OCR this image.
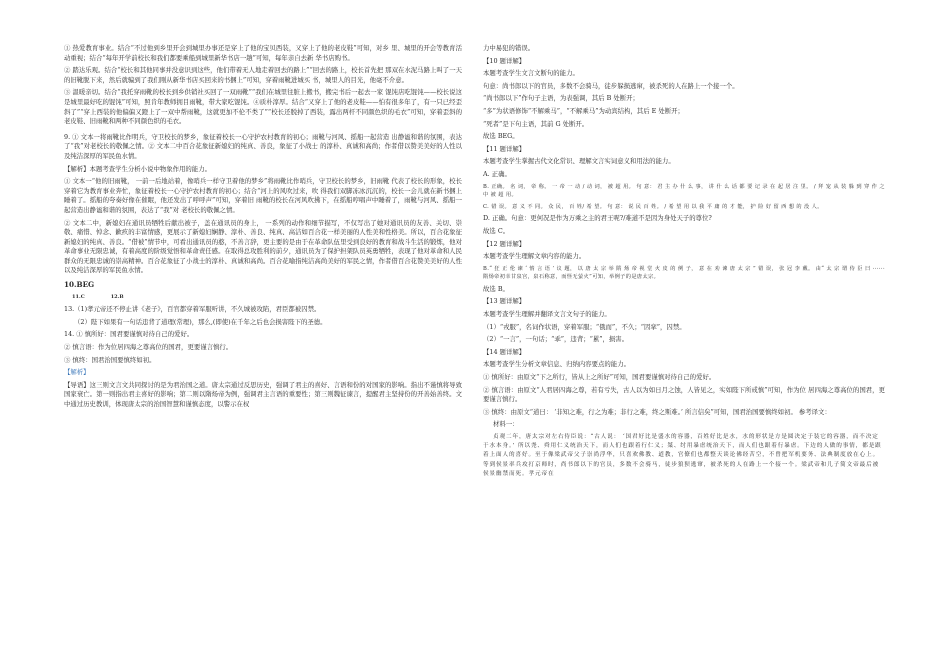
① 热爱教育事业。结合“不过他到乡里开会到城里办事还是穿上了他的宝贝西装，又穿上了他的老皮鞋”可知，对乡 里、城里的开会等教育活动重视；结合“每年开学前校长和我们都要乘船到城里新华书店一趟”可知，每年亲自去新 华书店购书。

② 踏达乐观。结合“校长和其他同事并没意识到这些，他们带着无人地走着回去的路上”“回去的路上，校长首先把 那双在水泥马路上叫了一天的旧靴脱下来，然后就骗到了我们刚从新华书店买回来的书捆上”可知，穿着雨靴进城买 书，城里人的目光，他毫不介意。

③ 温暖亲切。结合“我托穿雨靴的校长到乡供销社买回了一双雨靴”“我们在城里往脏上搬书，搬完书后一起去一家 馄饨店吃馄饨——校长说这是城里最好吃的馄饨”可知，照肯年教师拥目雨靴，带大家吃馄饨。④质朴淳厚。结合“又穿上了他的老皮鞋——怕有很多年了，有一只已经歪斜了”“穿上西装的他偏偏又蹬上了一双中帮雨靴，这就更加不伦不类了”“校长还脱掉了西装，露出两杆不同颜色织的毛衣”可知，穿着歪斜的老皮鞋、旧雨靴和两种不同颜色织的毛衣。

9. ① 文本一将雨靴比作明兵，守卫校长的梦乡，象征着校长一心守护农村教育的初心；雨靴与河风、摇船一起营造 出静谧和谐的氛围，表达了“我”对老校长的敬佩之情。② 文本二中百合花象征新媳妇的纯真、善良，象征了小战士 的淳朴、真诚和高尚；作者借以赞美美好的人性以及纯洁深厚的军民鱼水情。

【解析】本题考查学生分析小说中物象作用的能力。

① 文本一“他的旧雨靴， 一前一后地站着，像哨兵一样守卫着他的梦乡”将雨靴比作哨兵，守卫校长的梦乡，旧雨靴 代表了校长的形象，校长穿着它为教育事业奔忙，象征着校长一心守护农村教育的初心；结合“河上的风吹过来，吹 得我们双脚冻冰沉沉的，校长一会儿就在新书捆上睡着了。摇船的夸奏好像在催眠，他还发出了呼呼声”可知，穿着旧 雨靴的校长在河风吹拂下，在摇船哼唱声中睡着了，雨靴与河风、摇船一起营造出静谧和谐的氛围，表达了“我”对 老校长的敬佩之情。

② 文本二中，新媳妇在通讯员牺牲后献出被子，盖在通讯员的身上， 一系列的动作和细节描写，不仅写出了她对通讯员的友善、关切、崇敬、痛惜、悼念、歉疚的丰富情感，更展示了新媳妇娴静、淳朴、善良、纯真、高洁如百合花一样美丽的人性美和性格美。所以，百合花象征新媳妇的纯真、善良。“借被”情节中，可看出通讯员的憨，不善言辞，更主要的是由于在革命队伍里受到良好的教育和战斗生活的锻炼，他对革命事业无限忠诚，有着高度的阶级觉悟和革命责任感。在取得总攻胜利的前夕，通讯员为了保护担架队员英勇牺牲，表现了他对革命和人民群众的无限忠诚的崇高精神。百合花象征了小战士的淳朴、真诚和高尚。百合花喻指纯洁高尚美好的军民之情，作者借百合花赞美美好的人性以及纯洁深厚的军民鱼水情。

10.BEG
11.C	12.B

13.（1)孝元帝还不停止讲《老子》，百官都穿着军服听讲，不久城被攻陷，君臣都被囚禁。

（2）陛下如果有一句话违背了道理(常理)，那么,(即使)在千年之后也会损害陛下的圣德。

14. ① 慎所好：国君要谨慎对待自己的爱好。

② 慎言语：作为位居四海之尊高位的国君，更要谨言慎行。

③ 慎终：国君治国要慎终如初。

【解析】

【导语】这三则文言文共同探讨的是为君治国之道。唐太宗通过反思历史，强调了君主的喜好、言语和份的对国家的影响。指出不谨慎将导致国家衰亡。第一则指出君主喜好的影响；第二则以隋炀帝为例，强调君主言语的重要性；第三则魏征谏言，提醒君主坚持份的开善始善终。文中通过历史教训，体现唐太宗的治国智慧和谨慎态度，以警示在权

力中易犯的错误。

【10 题详解】

本题考查学生文言文断句的能力。

句意：尚书郎以下的官员，多数不会骑马，徒步躲损逃窜，被杀死的人在路上一个接一个。

“尚书郎以下”作句子主语，为表强调，其后 B 处断开；

“多”为状语修饰“不解乘马”，“不解乘马”为动宾结构，其后 E 处断开；

“死者”是下句主语，其前 G 处断开。

故选 BEG。

【11 题详解】

本题考查学生掌握古代文化常识、理解文言实词意义和用法的能力。

A. 正确。

B. 正确。 名 词， 帝 称。 一 帝 一 动 / 动 词， 被 超 用。 句 意： 君 主 办 什 么 事， 讲 什 么 话 都 要 记 录 在 起 居 注 里。 / 拜 宠 从 装 躲 到 穿 作 之 中 被 超 用。

C. 错 误。 意 义 不 同。 众 民， 百 姓/ 希 望。 句 意： 说 民 百 姓。 / 希 望 用 以 我 平 庸 的 才 能， 护 险 好 留 西 想 的 没 人。

D. 正确。句意：更何况是作为万乘之主的君王呢?/难道不是因为身处天子的尊位?

故选 C。

【12 题详解】

本题考查学生理解文章内容的能力。

B.“ 狂 正 伦 谏 ‘ 惰 言 语 ’ 议 题， 以 唐 太 宗 举 隋 炀 帝 视 堂 火 皮 的 例 子， 意 在 劝 谏 唐 太 宗 ” 错 误， 张 冠 李 戴。 由“ 太 宗 谓 侍 臣 曰 ······隋炀帝初幸甘泉宫，泉石称意，而怪无萤火”可知，举例子的是唐太宗。

故选 B。

【13 题详解】

本题考查学生理解并翻译文言文句子的能力。

（1）“戎服”，名词作状语，穿着军服；“俄而”，不久；“因挛”，囚禁。

（2）“一言”，一句话；“乖”，违背；“累”，损害。

【14 题详解】

本题考查学生分析文章信息、归纳内容要点的能力。

① 慎所好：由原文“下之所行，皆从上之所好”可知，国君要谨慎对待自己的爱好。

② 慎言语：由原文“人君居四海之尊，若有亏失，古人以为如日月之蚀，人皆见之，实如陛下所戒慎”可知，作为位 居四海之尊高位的国君，更要谨言慎行。

③ 慎终：由原文“道曰： ‘非知之难，行之为难；非行之难，终之斯难。’ 所言信矣”可知，国君治国要慎终如初。 参考译文：

材料一：

贞观二年，唐太宗对左右侍臣说：“古人说： ‘国君好比是盛水的容器，百姓好比是水，水的形状是方是圆决定于装它的容器，而不决定于水本身。’ 所以尧、舜用仁义统治天下，而人们也跟着行仁义；桀、纣用暴虐统治天下，而人们也跟着行暴虐。下边的人做的事情，都是跟着上面人的喜好。至于像梁武帝父子崇尚浮华，只喜欢佛教、道教，官僚们也都整天谈论佛经苦空，不曾把军机要务、法典制度放在心上。等到侯景率兵攻打京师时，尚书郎以下的官员，多数不会骑马，徒步狼狈逃窜，被杀死的人在路上一个接一个。梁武帝和儿子简文帝最后被侯景幽禁而死。孝元帝在
